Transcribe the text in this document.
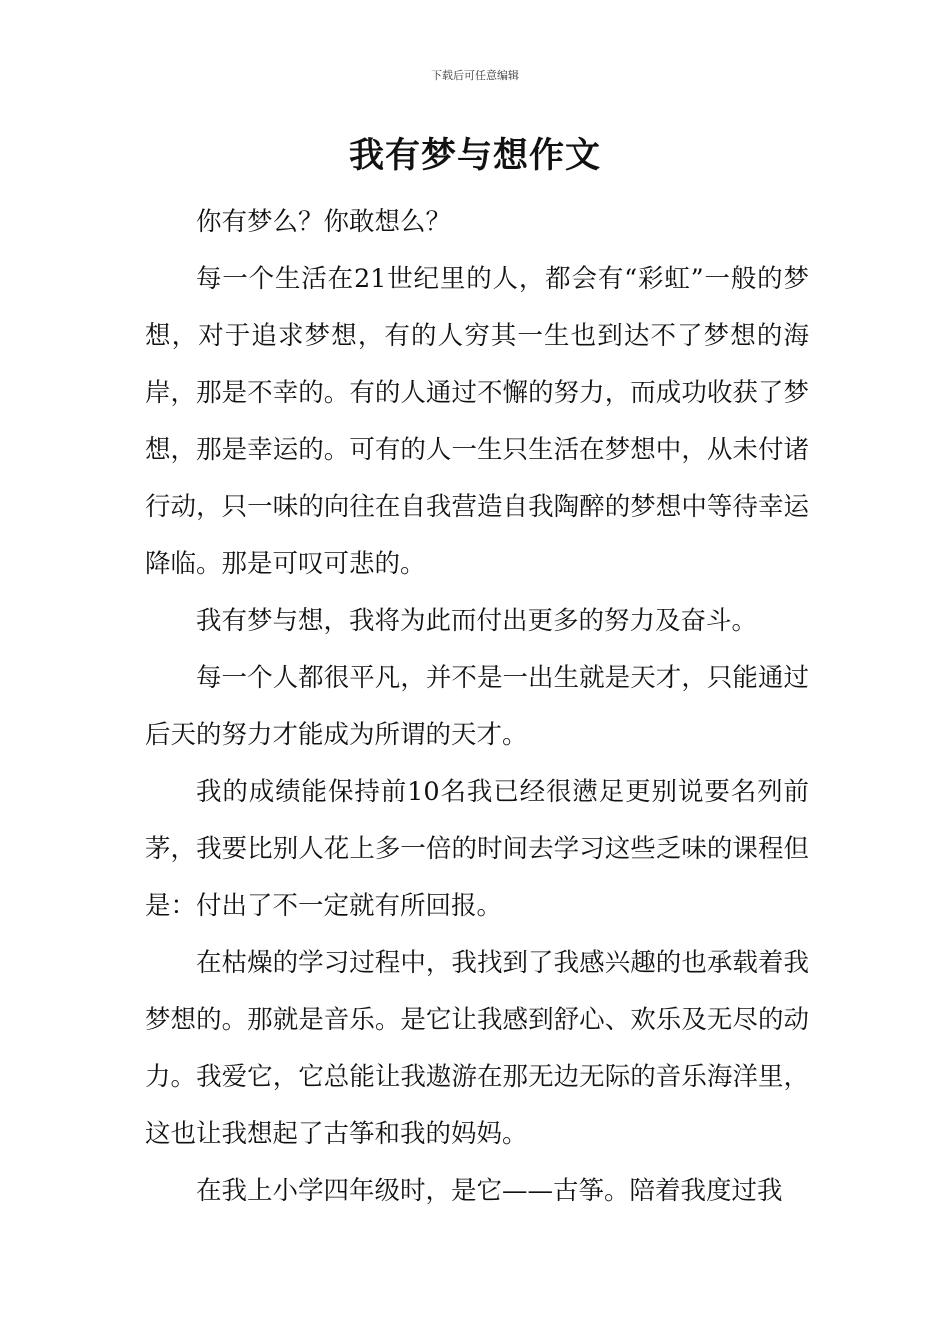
下载后可任意编辑
我有梦与想作文

你有梦么？你敢想么？

每一个生活在21世纪里的人，都会有“彩虹”一般的梦想，对于追求梦想，有的人穷其一生也到达不了梦想的海岸，那是不幸的。有的人通过不懈的努力，而成功收获了梦想，那是幸运的。可有的人一生只生活在梦想中，从未付诸行动，只一味的向往在自我营造自我陶醉的梦想中等待幸运降临。那是可叹可悲的。

我有梦与想，我将为此而付出更多的努力及奋斗。

每一个人都很平凡，并不是一出生就是天才，只能通过后天的努力才能成为所谓的天才。

我的成绩能保持前10名我已经很懑足更别说要名列前茅，我要比别人花上多一倍的时间去学习这些乏味的课程但是：付出了不一定就有所回报。

在枯燥的学习过程中，我找到了我感兴趣的也承载着我梦想的。那就是音乐。是它让我感到舒心、欢乐及无尽的动力。我爱它，它总能让我遨游在那无边无际的音乐海洋里，这也让我想起了古筝和我的妈妈。

在我上小学四年级时，是它——古筝。陪着我度过我
